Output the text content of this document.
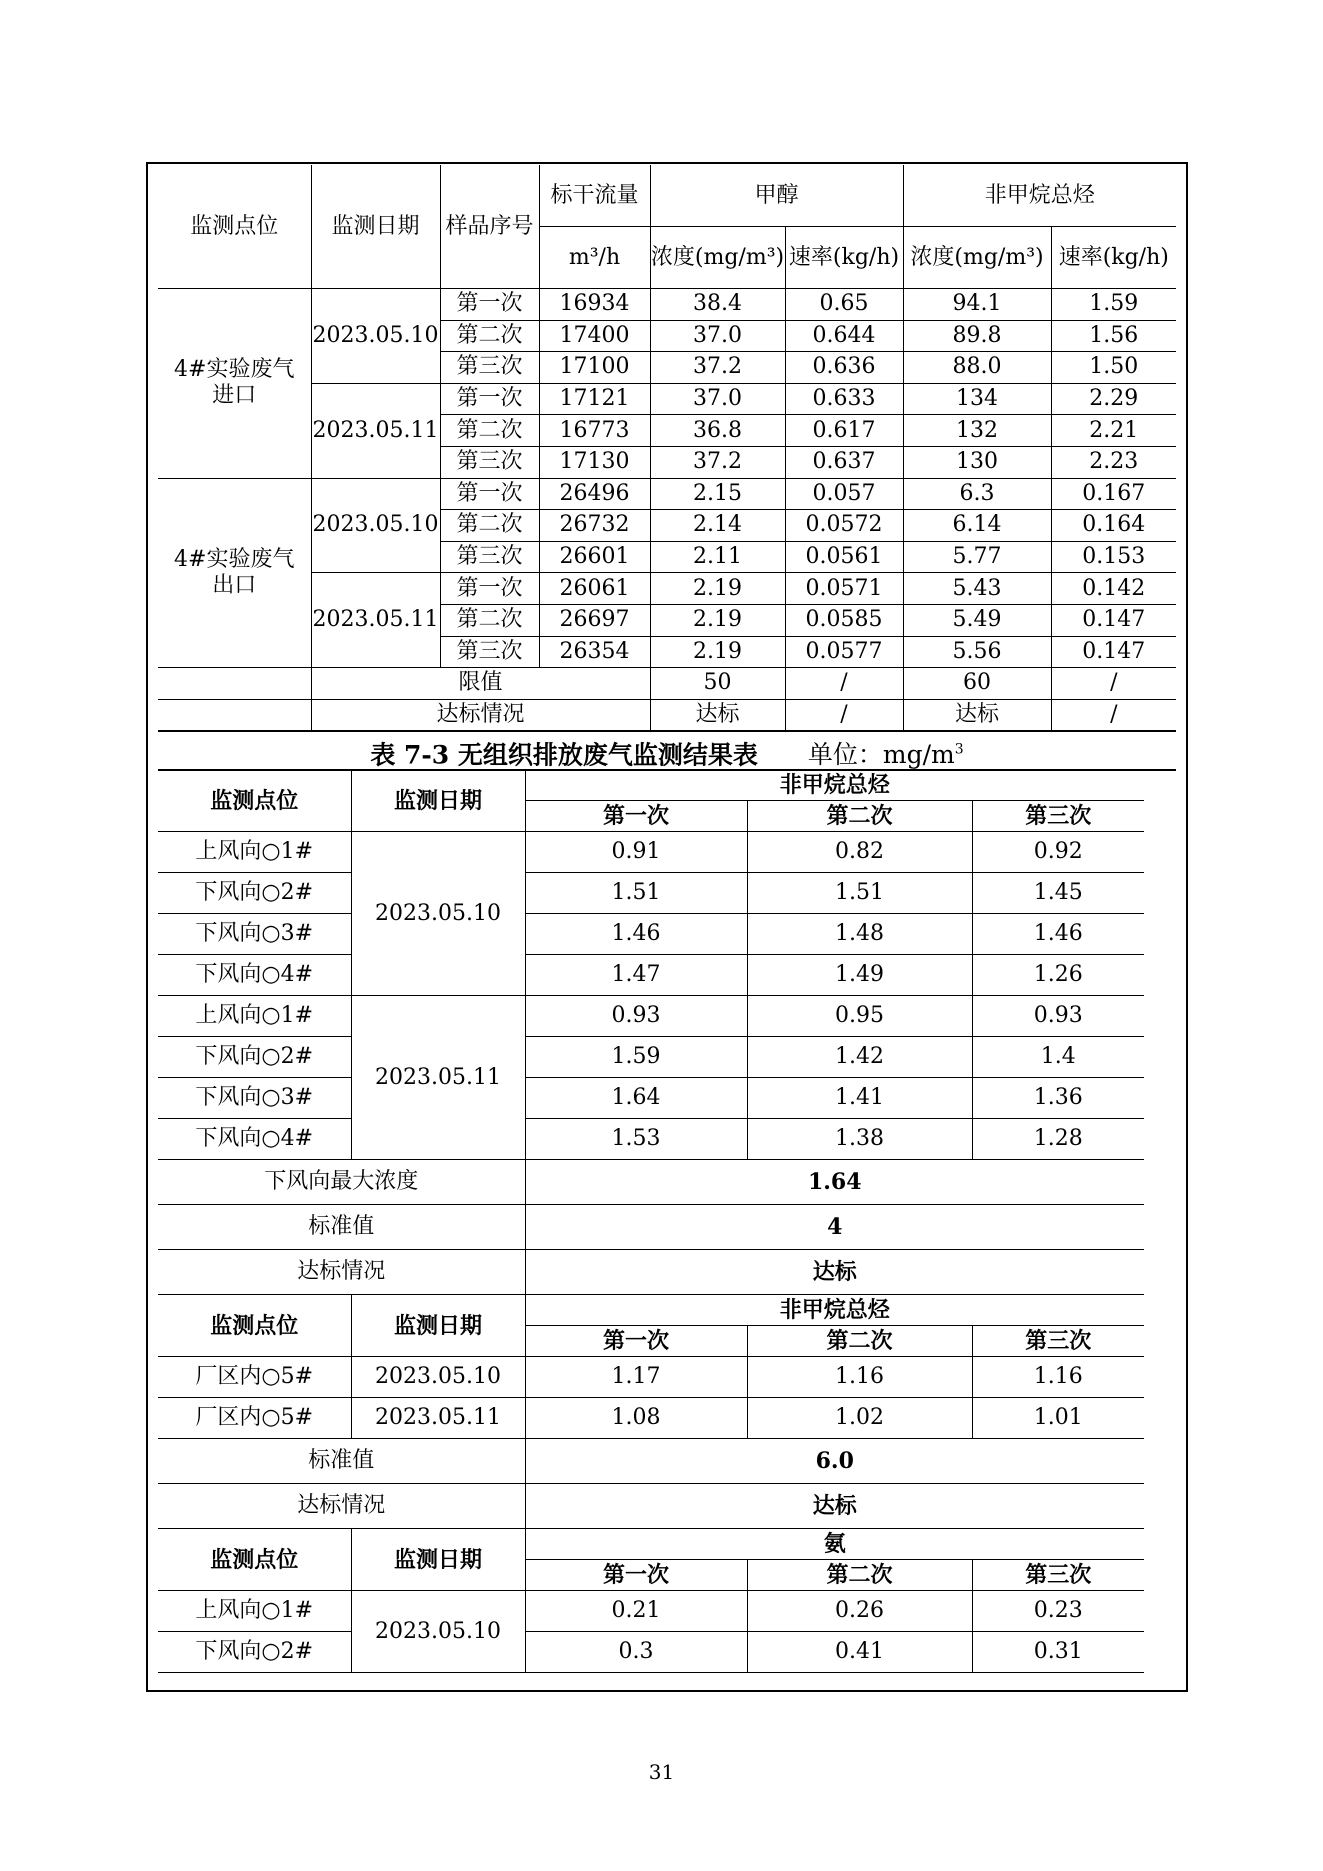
监测点位	监测日期	样品序号	标干流量	甲醇		非甲烷总烃	
			m³/h	浓度(mg/m³)	速率(kg/h)	浓度(mg/m³)	速率(kg/h)
4#实验废气进口	2023.05.10	第一次	16934	38.4	0.65	94.1	1.59
		第二次	17400	37.0	0.644	89.8	1.56
		第三次	17100	37.2	0.636	88.0	1.50
	2023.05.11	第一次	17121	37.0	0.633	134	2.29
		第二次	16773	36.8	0.617	132	2.21
		第三次	17130	37.2	0.637	130	2.23
4#实验废气出口	2023.05.10	第一次	26496	2.15	0.057	6.3	0.167
		第二次	26732	2.14	0.0572	6.14	0.164
		第三次	26601	2.11	0.0561	5.77	0.153
	2023.05.11	第一次	26061	2.19	0.0571	5.43	0.142
		第二次	26697	2.19	0.0585	5.49	0.147
		第三次	26354	2.19	0.0577	5.56	0.147
	限值			50	/	60	/
	达标情况			达标	/	达标	/
表 7-3 无组织排放废气监测结果表 单位：$mg/m^3$
监测点位	监测日期	非甲烷总烃		
		第一次	第二次	第三次
上风向○1#	2023.05.10	0.91	0.82	0.92
下风向○2#		1.51	1.51	1.45
下风向○3#		1.46	1.48	1.46
下风向○4#		1.47	1.49	1.26
上风向○1#	2023.05.11	0.93	0.95	0.93
下风向○2#		1.59	1.42	1.4
下风向○3#		1.64	1.41	1.36
下风向○4#		1.53	1.38	1.28
下风向最大浓度		1.64		
标准值		4		
达标情况		达标		
监测点位	监测日期	非甲烷总烃		
		第一次	第二次	第三次
厂区内○5#	2023.05.10	1.17	1.16	1.16
厂区内○5#	2023.05.11	1.08	1.02	1.01
标准值		6.0		
达标情况		达标		
监测点位	监测日期	氨		
		第一次	第二次	第三次
上风向○1#	2023.05.10	0.21	0.26	0.23
下风向○2#		0.3	0.41	0.31
31
